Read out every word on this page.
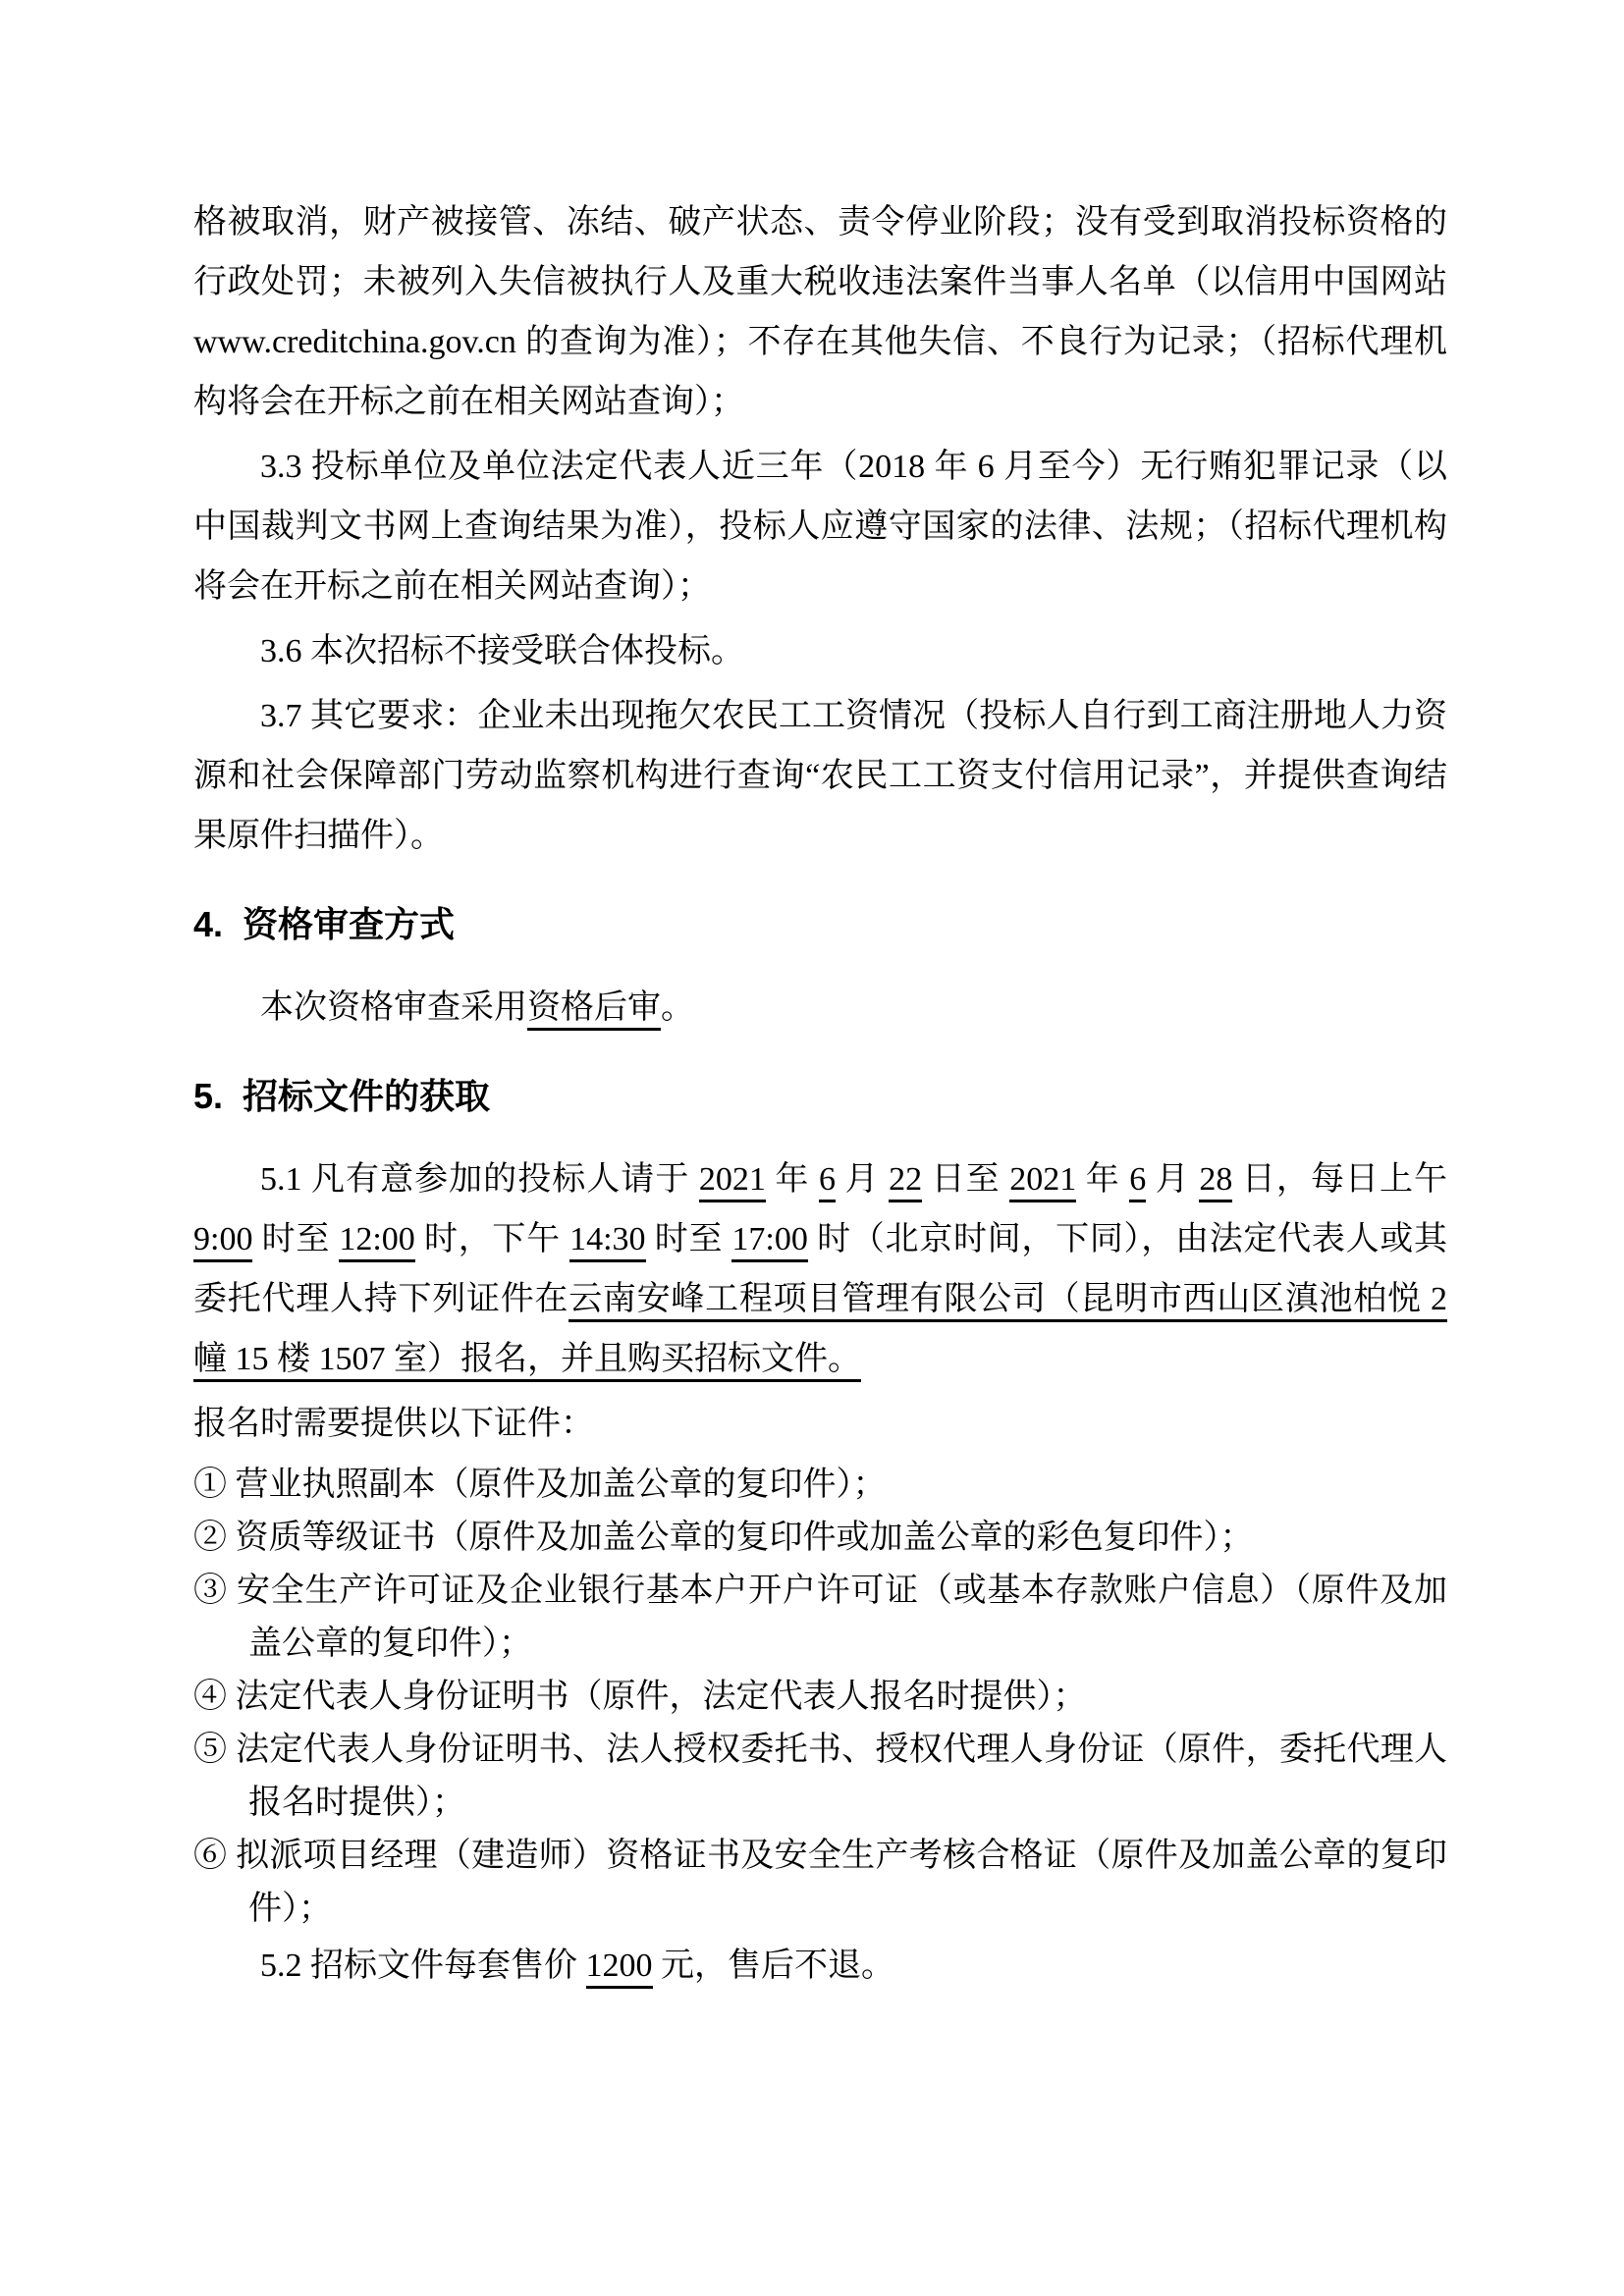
格被取消，财产被接管、冻结、破产状态、责令停业阶段；没有受到取消投标资格的行政处罚；未被列入失信被执行人及重大税收违法案件当事人名单（以信用中国网站 www.creditchina.gov.cn 的查询为准）；不存在其他失信、不良行为记录；（招标代理机构将会在开标之前在相关网站查询）；
3.3 投标单位及单位法定代表人近三年（2018 年 6 月至今）无行贿犯罪记录（以中国裁判文书网上查询结果为准），投标人应遵守国家的法律、法规；（招标代理机构将会在开标之前在相关网站查询）；
3.6 本次招标不接受联合体投标。
3.7 其它要求：企业未出现拖欠农民工工资情况（投标人自行到工商注册地人力资源和社会保障部门劳动监察机构进行查询“农民工工资支付信用记录”，并提供查询结果原件扫描件）。
4.  资格审查方式
本次资格审查采用资格后审。
5.  招标文件的获取
5.1 凡有意参加的投标人请于 2021 年 6 月 22 日至 2021 年 6 月 28 日，每日上午 9:00 时至 12:00 时，下午 14:30 时至 17:00 时（北京时间，下同），由法定代表人或其委托代理人持下列证件在云南安峰工程项目管理有限公司（昆明市西山区滇池柏悦 2 幢 15 楼 1507 室）报名，并且购买招标文件。
报名时需要提供以下证件：
① 营业执照副本（原件及加盖公章的复印件）；
② 资质等级证书（原件及加盖公章的复印件或加盖公章的彩色复印件）；
③ 安全生产许可证及企业银行基本户开户许可证（或基本存款账户信息）（原件及加盖公章的复印件）；
④ 法定代表人身份证明书（原件，法定代表人报名时提供）；
⑤ 法定代表人身份证明书、法人授权委托书、授权代理人身份证（原件，委托代理人报名时提供）；
⑥ 拟派项目经理（建造师）资格证书及安全生产考核合格证（原件及加盖公章的复印件）；
5.2 招标文件每套售价 1200 元，售后不退。
